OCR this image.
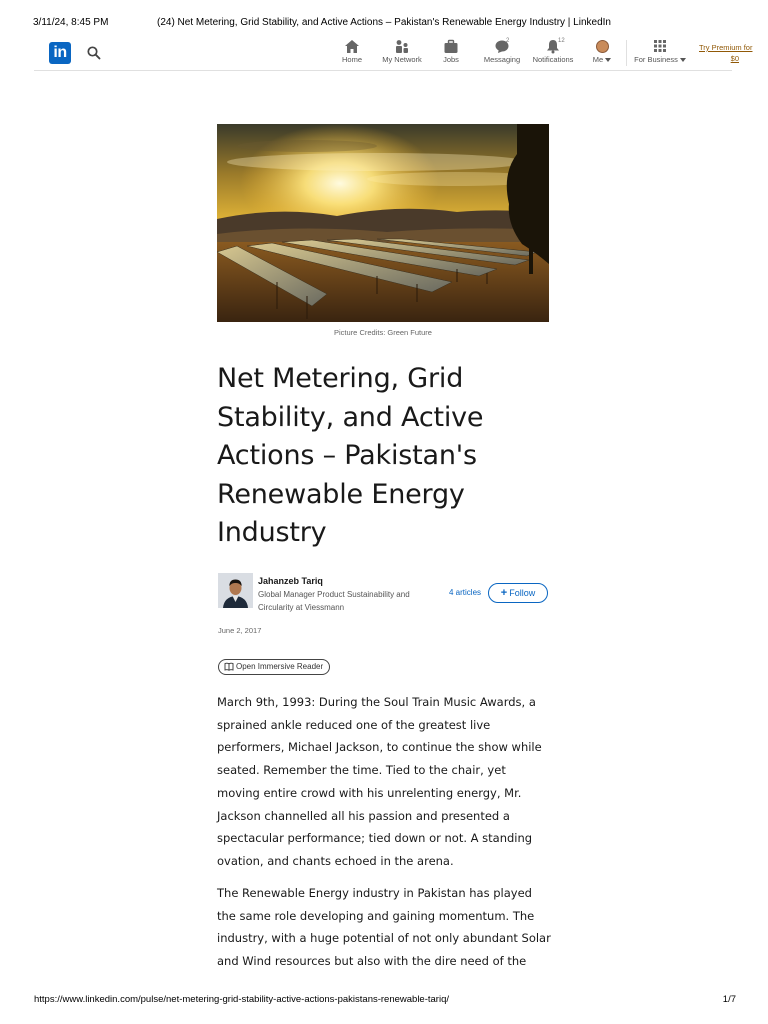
3/11/24, 8:45 PM	(24) Net Metering, Grid Stability, and Active Actions – Pakistan's Renewable Energy Industry | LinkedIn
in	Home	My Network	Jobs
2
Messaging
12
Notifications	Me	For Business
Try Premium for
$0
Picture Credits: Green Future
Net Metering, Grid Stability, and Active Actions – Pakistan's Renewable Energy Industry
Jahanzeb Tariq
Global Manager Product Sustainability and Circularity at Viessmann
4 articles	+ Follow
June 2, 2017
Open Immersive Reader

March 9th, 1993: During the Soul Train Music Awards, a sprained ankle reduced one of the greatest live performers, Michael Jackson, to continue the show while seated. Remember the time. Tied to the chair, yet moving entire crowd with his unrelenting energy, Mr. Jackson channelled all his passion and presented a spectacular performance; tied down or not. A standing ovation, and chants echoed in the arena.

The Renewable Energy industry in Pakistan has played the same role developing and gaining momentum. The industry, with a huge potential of not only abundant Solar and Wind resources but also with the dire need of the

https://www.linkedin.com/pulse/net-metering-grid-stability-active-actions-pakistans-renewable-tariq/	1/7
